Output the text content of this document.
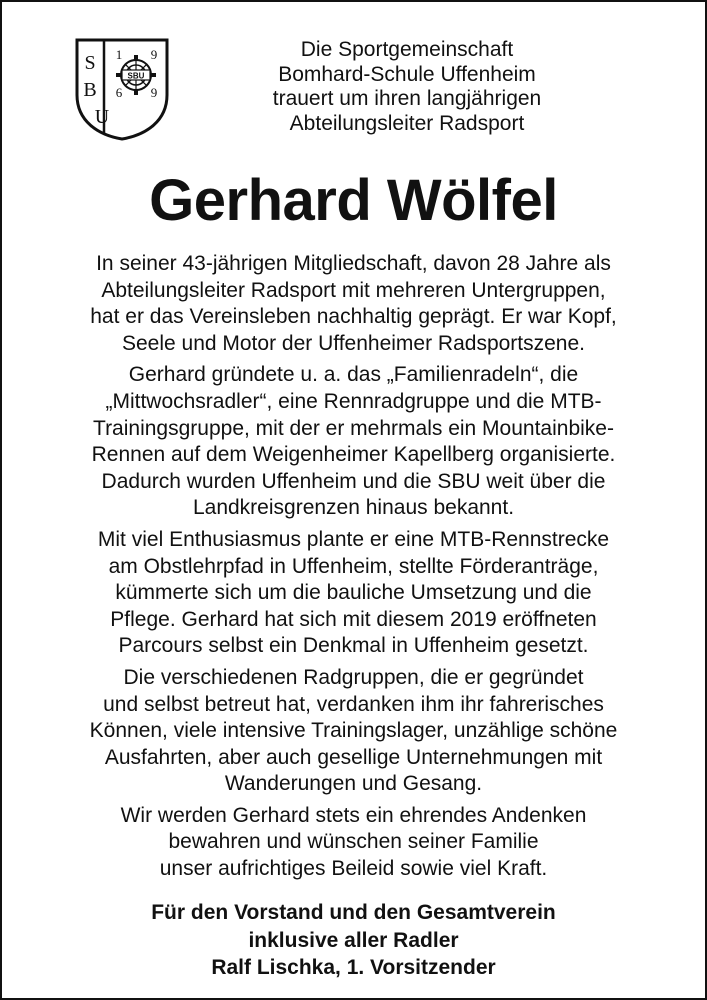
S
B
U
1 9
6 9
SBU
Die Sportgemeinschaft
Bomhard-Schule Uffenheim
trauert um ihren langjährigen
Abteilungsleiter Radsport
Gerhard Wölfel
In seiner 43-jährigen Mitgliedschaft, davon 28 Jahre als
Abteilungsleiter Radsport mit mehreren Untergruppen,
hat er das Vereinsleben nachhaltig geprägt. Er war Kopf,
Seele und Motor der Uffenheimer Radsportszene.
Gerhard gründete u. a. das „Familienradeln“, die
„Mittwochsradler“, eine Rennradgruppe und die MTB-
Trainingsgruppe, mit der er mehrmals ein Mountainbike-
Rennen auf dem Weigenheimer Kapellberg organisierte.
Dadurch wurden Uffenheim und die SBU weit über die
Landkreisgrenzen hinaus bekannt.
Mit viel Enthusiasmus plante er eine MTB-Rennstrecke
am Obstlehrpfad in Uffenheim, stellte Förderanträge,
kümmerte sich um die bauliche Umsetzung und die
Pflege. Gerhard hat sich mit diesem 2019 eröffneten
Parcours selbst ein Denkmal in Uffenheim gesetzt.
Die verschiedenen Radgruppen, die er gegründet
und selbst betreut hat, verdanken ihm ihr fahrerisches
Können, viele intensive Trainingslager, unzählige schöne
Ausfahrten, aber auch gesellige Unternehmungen mit
Wanderungen und Gesang.
Wir werden Gerhard stets ein ehrendes Andenken
bewahren und wünschen seiner Familie
unser aufrichtiges Beileid sowie viel Kraft.
Für den Vorstand und den Gesamtverein
inklusive aller Radler
Ralf Lischka, 1. Vorsitzender
